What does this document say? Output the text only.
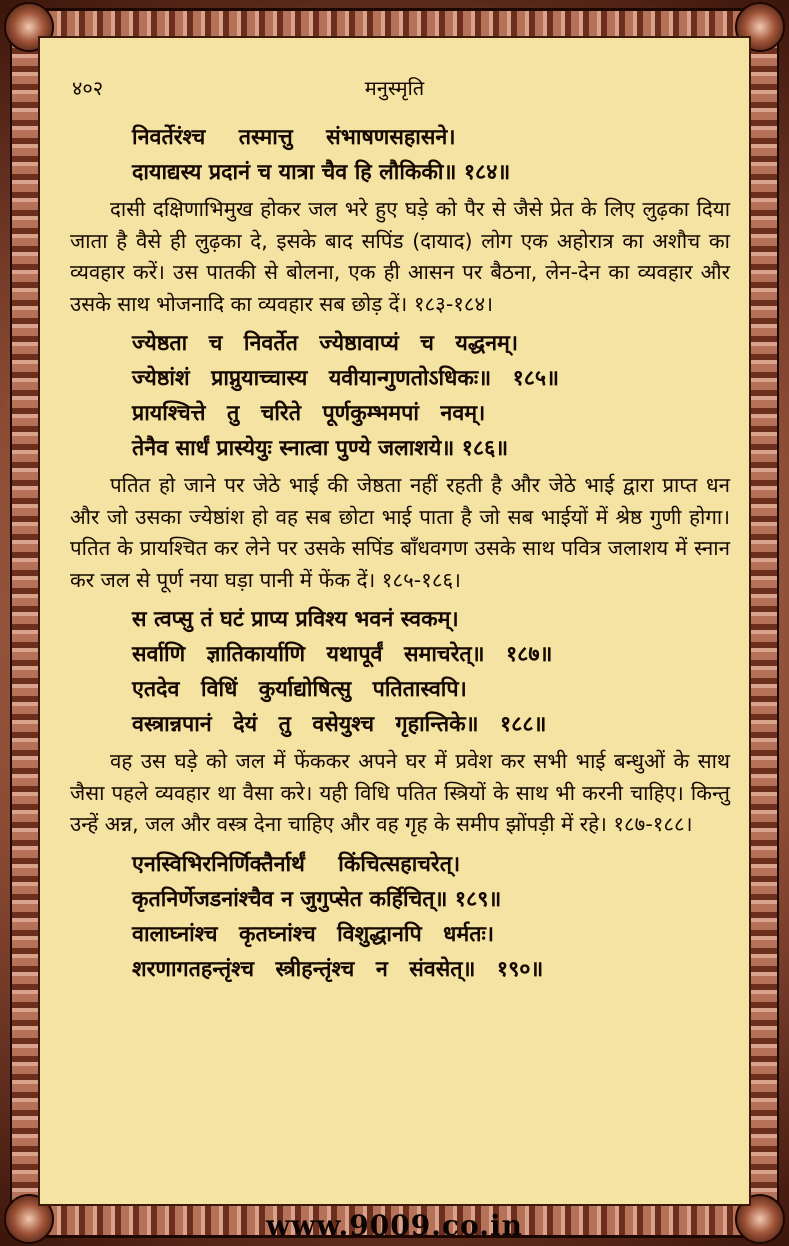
४०२	मनुस्मृति
निवर्तेरंश्च तस्मात्तु संभाषणसहासने।
दायाद्यस्य प्रदानं च यात्रा चैव हि लौकिकी॥ १८४॥

दासी दक्षिणाभिमुख होकर जल भरे हुए घड़े को पैर से जैसे प्रेत के लिए लुढ़का दिया जाता है वैसे ही लुढ़का दे, इसके बाद सपिंड (दायाद) लोग एक अहोरात्र का अशौच का व्यवहार करें। उस पातकी से बोलना, एक ही आसन पर बैठना, लेन-देन का व्यवहार और उसके साथ भोजनादि का व्यवहार सब छोड़ दें। १८३-१८४।

ज्येष्ठता च निवर्तेत ज्येष्ठावाप्यं च यद्धनम्।
ज्येष्ठांशं प्राप्नुयाच्चास्य यवीयान्गुणतोऽधिकः॥ १८५॥
प्रायश्चित्ते तु चरिते पूर्णकुम्भमपां नवम्।
तेनैव सार्धं प्रास्येयुः स्नात्वा पुण्ये जलाशये॥ १८६॥

पतित हो जाने पर जेठे भाई की जेष्ठता नहीं रहती है और जेठे भाई द्वारा प्राप्त धन और जो उसका ज्येष्ठांश हो वह सब छोटा भाई पाता है जो सब भाईयों में श्रेष्ठ गुणी होगा। पतित के प्रायश्चित कर लेने पर उसके सपिंड बाँधवगण उसके साथ पवित्र जलाशय में स्नान कर जल से पूर्ण नया घड़ा पानी में फेंक दें। १८५-१८६।

स त्वप्सु तं घटं प्राप्य प्रविश्य भवनं स्वकम्।
सर्वाणि ज्ञातिकार्याणि यथापूर्वं समाचरेत्॥ १८७॥
एतदेव विधिं कुर्याद्योषित्सु पतितास्वपि।
वस्त्रान्नपानं देयं तु वसेयुश्च गृहान्तिके॥ १८८॥

वह उस घड़े को जल में फेंककर अपने घर में प्रवेश कर सभी भाई बन्धुओं के साथ जैसा पहले व्यवहार था वैसा करे। यही विधि पतित स्त्रियों के साथ भी करनी चाहिए। किन्तु उन्हें अन्न, जल और वस्त्र देना चाहिए और वह गृह के समीप झोंपड़ी में रहे। १८७-१८८।

एनस्विभिरनिर्णिक्तैर्नार्थं किंचित्सहाचरेत्।
कृतनिर्णेजडनांश्चैव न जुगुप्सेत कर्हिचित्॥ १८९॥
वालाघ्नांश्च कृतघ्नांश्च विशुद्धानपि धर्मतः।
शरणागतहन्तृंश्च स्त्रीहन्तृंश्च न संवसेत्॥ १९०॥
www.9009.co.in
